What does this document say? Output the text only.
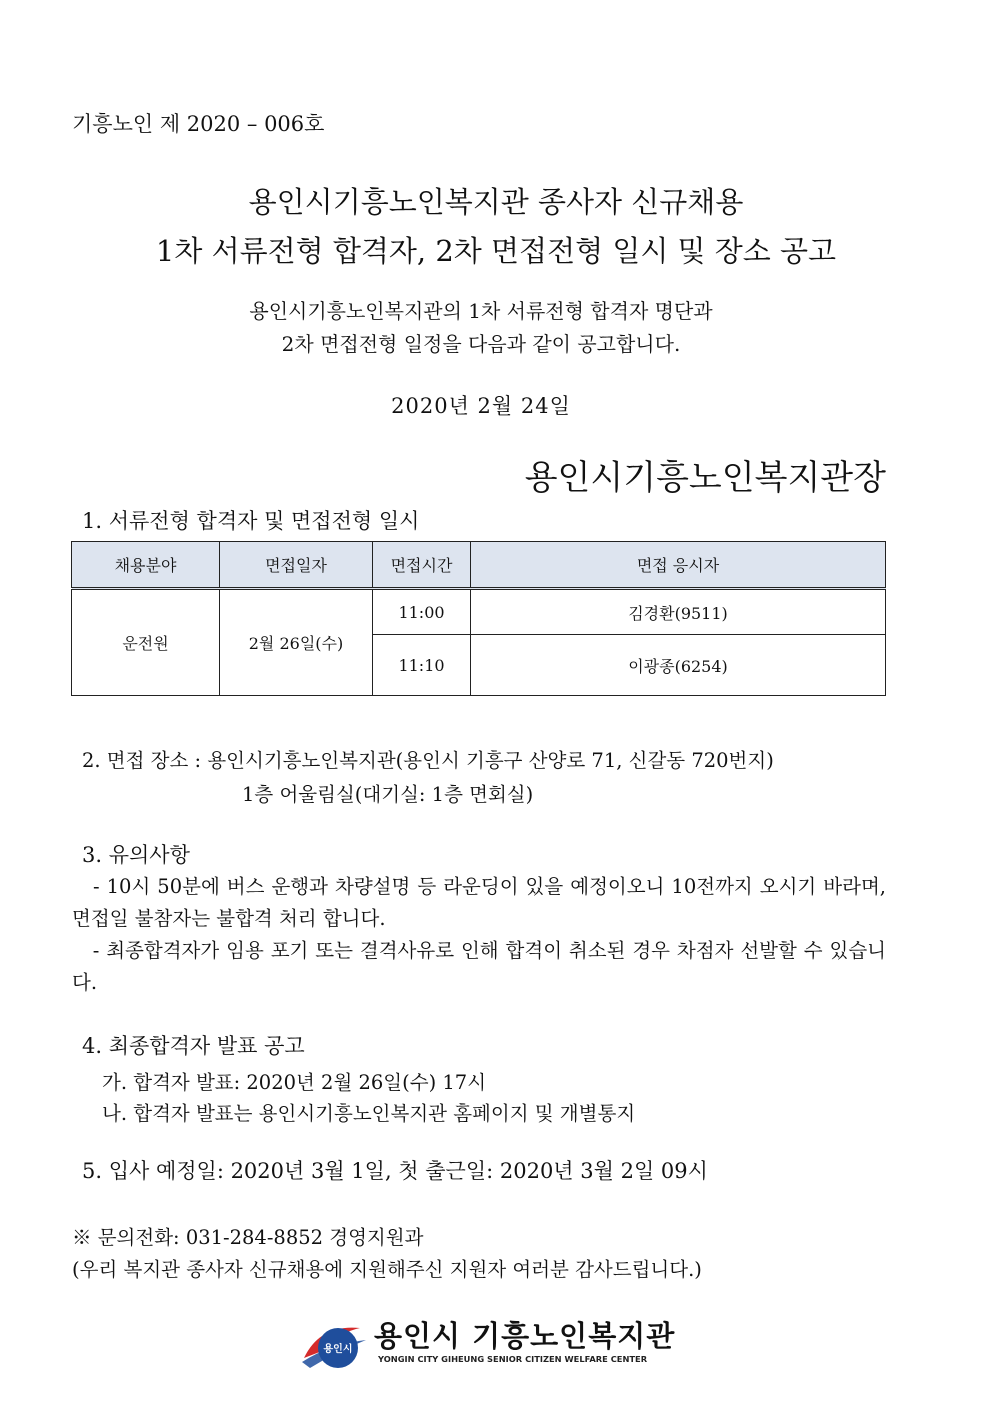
기흥노인 제 2020 – 006호
용인시기흥노인복지관 종사자 신규채용
1차 서류전형 합격자, 2차 면접전형 일시 및 장소 공고
용인시기흥노인복지관의 1차 서류전형 합격자 명단과
2차 면접전형 일정을 다음과 같이 공고합니다.
2020년 2월 24일
용인시기흥노인복지관장
1. 서류전형 합격자 및 면접전형 일시
채용분야	면접일자	면접시간	면접 응시자
운전원	2월 26일(수)	11:00	김경환(9511)
		11:10	이광종(6254)
2. 면접 장소 : 용인시기흥노인복지관(용인시 기흥구 산양로 71, 신갈동 720번지)
1층 어울림실(대기실: 1층 면회실)
3. 유의사항
- 10시 50분에 버스 운행과 차량설명 등 라운딩이 있을 예정이오니 10전까지 오시기 바라며, 면접일 불참자는 불합격 처리 합니다.
- 최종합격자가 임용 포기 또는 결격사유로 인해 합격이 취소된 경우 차점자 선발할 수 있습니다.
4. 최종합격자 발표 공고
가. 합격자 발표: 2020년 2월 26일(수) 17시
나. 합격자 발표는 용인시기흥노인복지관 홈페이지 및 개별통지
5. 입사 예정일: 2020년 3월 1일, 첫 출근일: 2020년 3월 2일 09시
※ 문의전화: 031-284-8852 경영지원과
(우리 복지관 종사자 신규채용에 지원해주신 지원자 여러분 감사드립니다.)
용인시 용인시 기흥노인복지관
YONGIN CITY GIHEUNG SENIOR CITIZEN WELFARE CENTER
